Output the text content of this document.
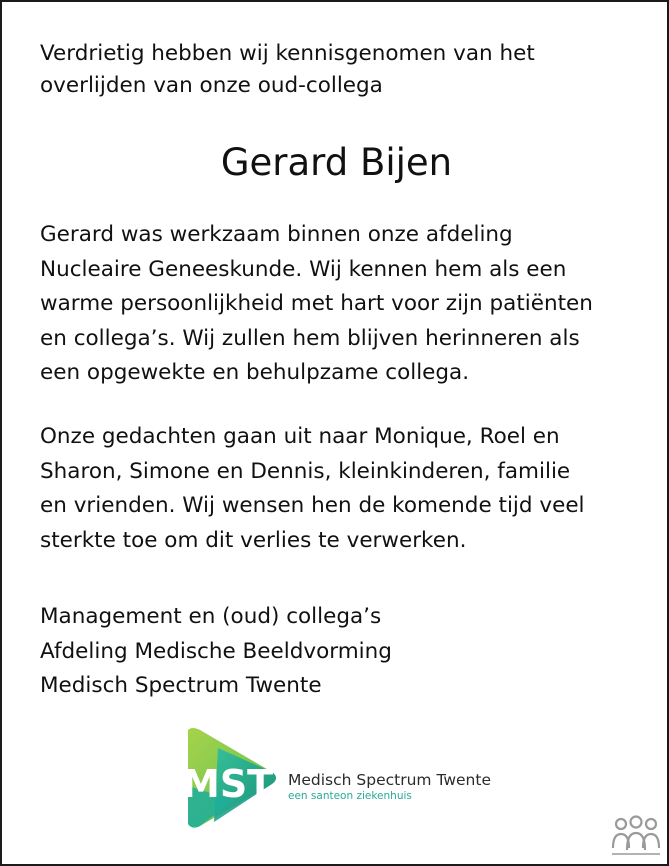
Verdrietig hebben wij kennisgenomen van het
overlijden van onze oud-collega

Gerard Bijen

Gerard was werkzaam binnen onze afdeling
Nucleaire Geneeskunde. Wij kennen hem als een
warme persoonlijkheid met hart voor zijn patiënten
en collega’s. Wij zullen hem blijven herinneren als
een opgewekte en behulpzame collega.

Onze gedachten gaan uit naar Monique, Roel en
Sharon, Simone en Dennis, kleinkinderen, familie
en vrienden. Wij wensen hen de komende tijd veel
sterkte toe om dit verlies te verwerken.

Management en (oud) collega’s
Afdeling Medische Beeldvorming
Medisch Spectrum Twente

MST Medisch Spectrum Twente
een santeon ziekenhuis
